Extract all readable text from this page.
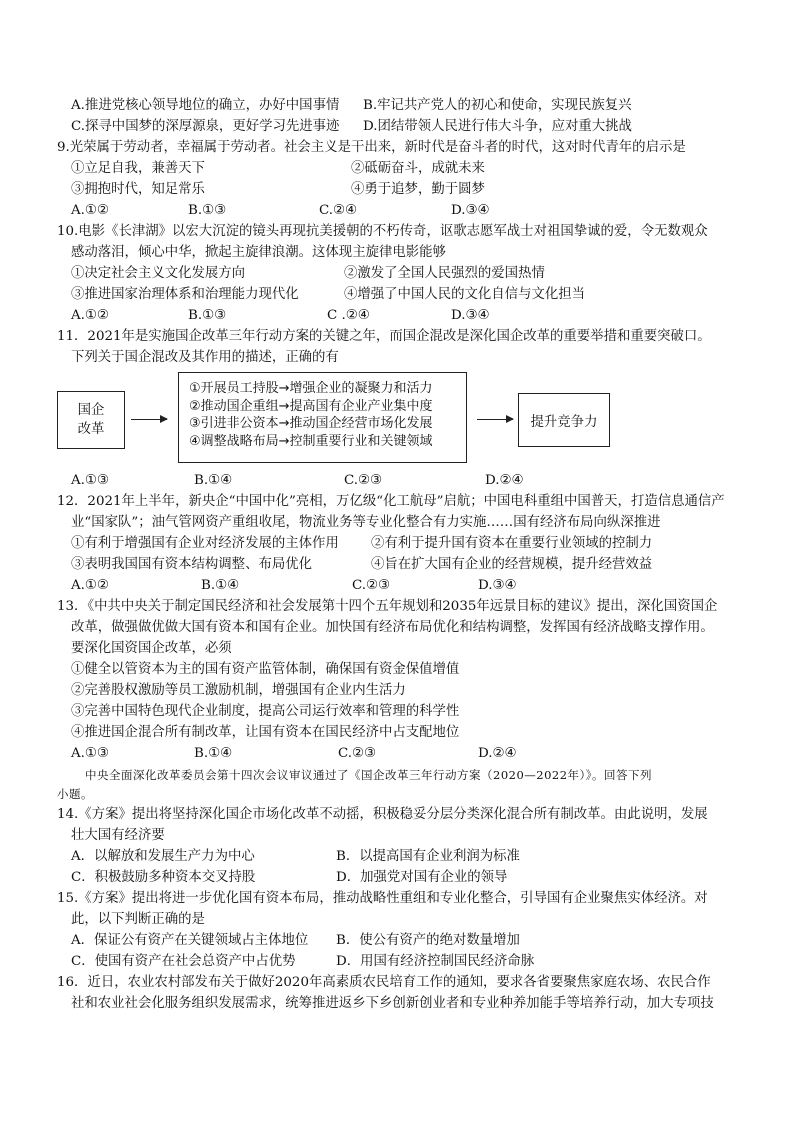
A.推进党核心领导地位的确立，办好中国事情 B.牢记共产党人的初心和使命，实现民族复兴
C.探寻中国梦的深厚源泉，更好学习先进事迹 D.团结带领人民进行伟大斗争，应对重大挑战
9.光荣属于劳动者，幸福属于劳动者。社会主义是干出来，新时代是奋斗者的时代，这对时代青年的启示是
①立足自我，兼善天下	②砥砺奋斗，成就未来
③拥抱时代，知足常乐	④勇于追梦，勤于圆梦
A.①②	B.①③	C.②④	D.③④
10.电影《长津湖》以宏大沉淀的镜头再现抗美援朝的不朽传奇，讴歌志愿军战士对祖国挚诚的爱，令无数观众
感动落泪，倾心中华，掀起主旋律浪潮。这体现主旋律电影能够
①决定社会主义文化发展方向	②激发了全国人民强烈的爱国热情
③推进国家治理体系和治理能力现代化	④增强了中国人民的文化自信与文化担当
A.①②	B.①③	C .②④	D.③④
11．2021年是实施国企改革三年行动方案的关键之年，而国企混改是深化国企改革的重要举措和重要突破口。
下列关于国企混改及其作用的描述，正确的有
国企
改革
①开展员工持股→增强企业的凝聚力和活力
②推动国企重组→提高国有企业产业集中度
③引进非公资本→推动国企经营市场化发展
④调整战略布局→控制重要行业和关键领域
提升竞争力
A.①③	B.①④	C.②③	D.②④
12．2021年上半年，新央企“中国中化”亮相，万亿级“化工航母”启航；中国电科重组中国普天，打造信息通信产
业“国家队”；油气管网资产重组收尾，物流业务等专业化整合有力实施……国有经济布局向纵深推进
①有利于增强国有企业对经济发展的主体作用 ②有利于提升国有资本在重要行业领域的控制力
③表明我国国有资本结构调整、布局优化	④旨在扩大国有企业的经营规模，提升经营效益
A.①②	B.①④	C.②③	D.③④
13．《中共中央关于制定国民经济和社会发展第十四个五年规划和2035年远景目标的建议》提出，深化国资国企
改革，做强做优做大国有资本和国有企业。加快国有经济布局优化和结构调整，发挥国有经济战略支撑作用。
要深化国资国企改革，必须
①健全以管资本为主的国有资产监管体制，确保国有资金保值增值
②完善股权激励等员工激励机制，增强国有企业内生活力
③完善中国特色现代企业制度，提高公司运行效率和管理的科学性
④推进国企混合所有制改革，让国有资本在国民经济中占支配地位
A.①③	B.①④	C.②③	D.②④
中央全面深化改革委员会第十四次会议审议通过了《国企改革三年行动方案（2020—2022年）》。回答下列
小题。
14.《方案》提出将坚持深化国企市场化改革不动摇，积极稳妥分层分类深化混合所有制改革。由此说明，发展
壮大国有经济要
A．以解放和发展生产力为中心	B．以提高国有企业利润为标准
C．积极鼓励多种资本交叉持股	D．加强党对国有企业的领导
15.《方案》提出将进一步优化国有资本布局，推动战略性重组和专业化整合，引导国有企业聚焦实体经济。对
此，以下判断正确的是
A．保证公有资产在关键领域占主体地位 B．使公有资产的绝对数量增加
C．使国有资产在社会总资产中占优势	D．用国有经济控制国民经济命脉
16．近日，农业农村部发布关于做好2020年高素质农民培育工作的通知，要求各省要聚焦家庭农场、农民合作
社和农业社会化服务组织发展需求，统筹推进返乡下乡创新创业者和专业种养加能手等培养行动，加大专项技
